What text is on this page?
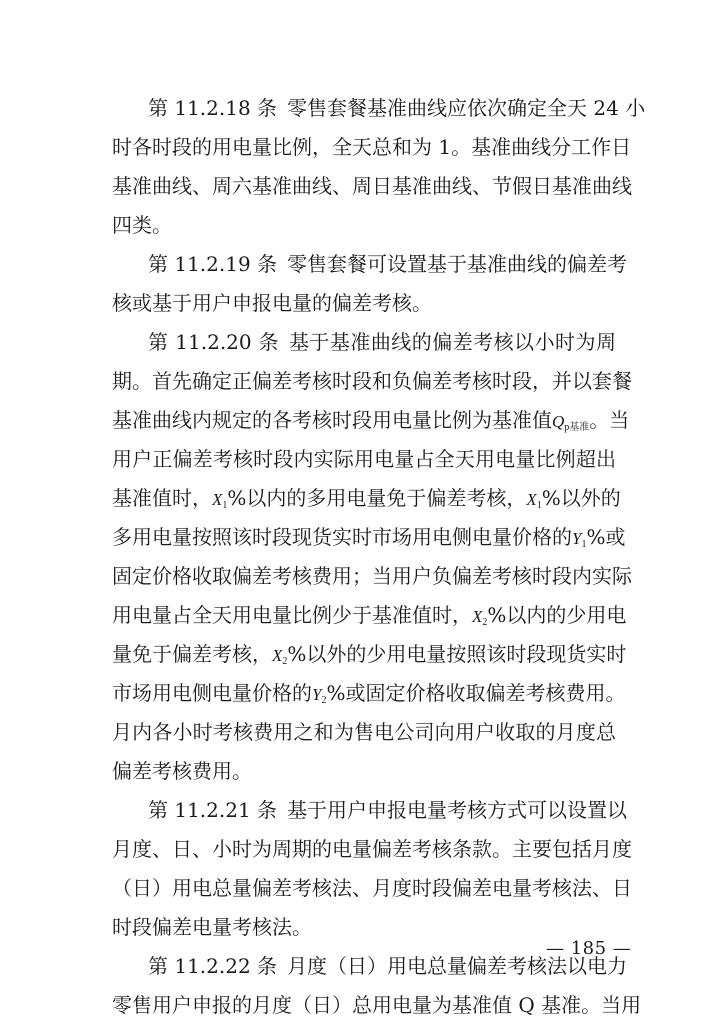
第 11.2.18 条 零售套餐基准曲线应依次确定全天 24 小
时各时段的用电量比例，全天总和为 1。基准曲线分工作日
基准曲线、周六基准曲线、周日基准曲线、节假日基准曲线
四类。
第 11.2.19 条 零售套餐可设置基于基准曲线的偏差考
核或基于用户申报电量的偏差考核。
第 11.2.20 条 基于基准曲线的偏差考核以小时为周
期。首先确定正偏差考核时段和负偏差考核时段，并以套餐
基准曲线内规定的各考核时段用电量比例为基准值$Q_{p基准}$。当
用户正偏差考核时段内实际用电量占全天用电量比例超出
基准值时，$X_1\%$以内的多用电量免于偏差考核，$X_1\%$以外的
多用电量按照该时段现货实时市场用电侧电量价格的$Y_1\%$或
固定价格收取偏差考核费用；当用户负偏差考核时段内实际
用电量占全天用电量比例少于基准值时，$X_2\%$以内的少用电
量免于偏差考核，$X_2\%$以外的少用电量按照该时段现货实时
市场用电侧电量价格的$Y_2\%$或固定价格收取偏差考核费用。
月内各小时考核费用之和为售电公司向用户收取的月度总
偏差考核费用。
第 11.2.21 条 基于用户申报电量考核方式可以设置以
月度、日、小时为周期的电量偏差考核条款。主要包括月度
（日）用电总量偏差考核法、月度时段偏差电量考核法、日
时段偏差电量考核法。
第 11.2.22 条 月度（日）用电总量偏差考核法以电力
零售用户申报的月度（日）总用电量为基准值 Q 基准。当用
— 185 —
